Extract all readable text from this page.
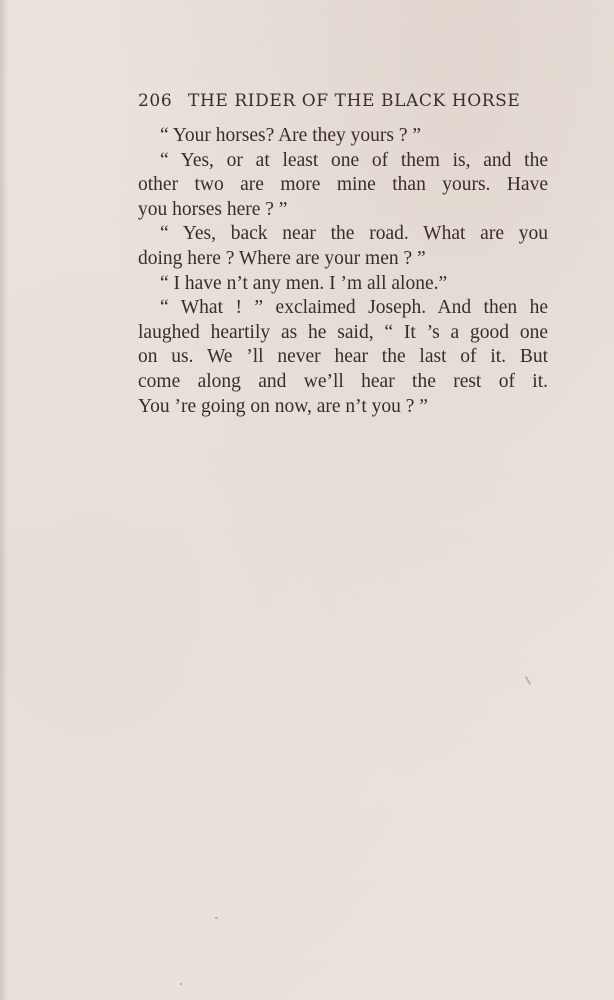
206 THE RIDER OF THE BLACK HORSE
“ Your horses? Are they yours ? ”
“ Yes, or at least one of them is, and the
other two are more mine than yours. Have
you horses here ? ”
“ Yes, back near the road. What are you
doing here ? Where are your men ? ”
“ I have n’t any men. I ’m all alone.”
“ What ! ” exclaimed Joseph. And then he
laughed heartily as he said, “ It ’s a good one
on us. We ’ll never hear the last of it. But
come along and we’ll hear the rest of it.
You ’re going on now, are n’t you ? ”
